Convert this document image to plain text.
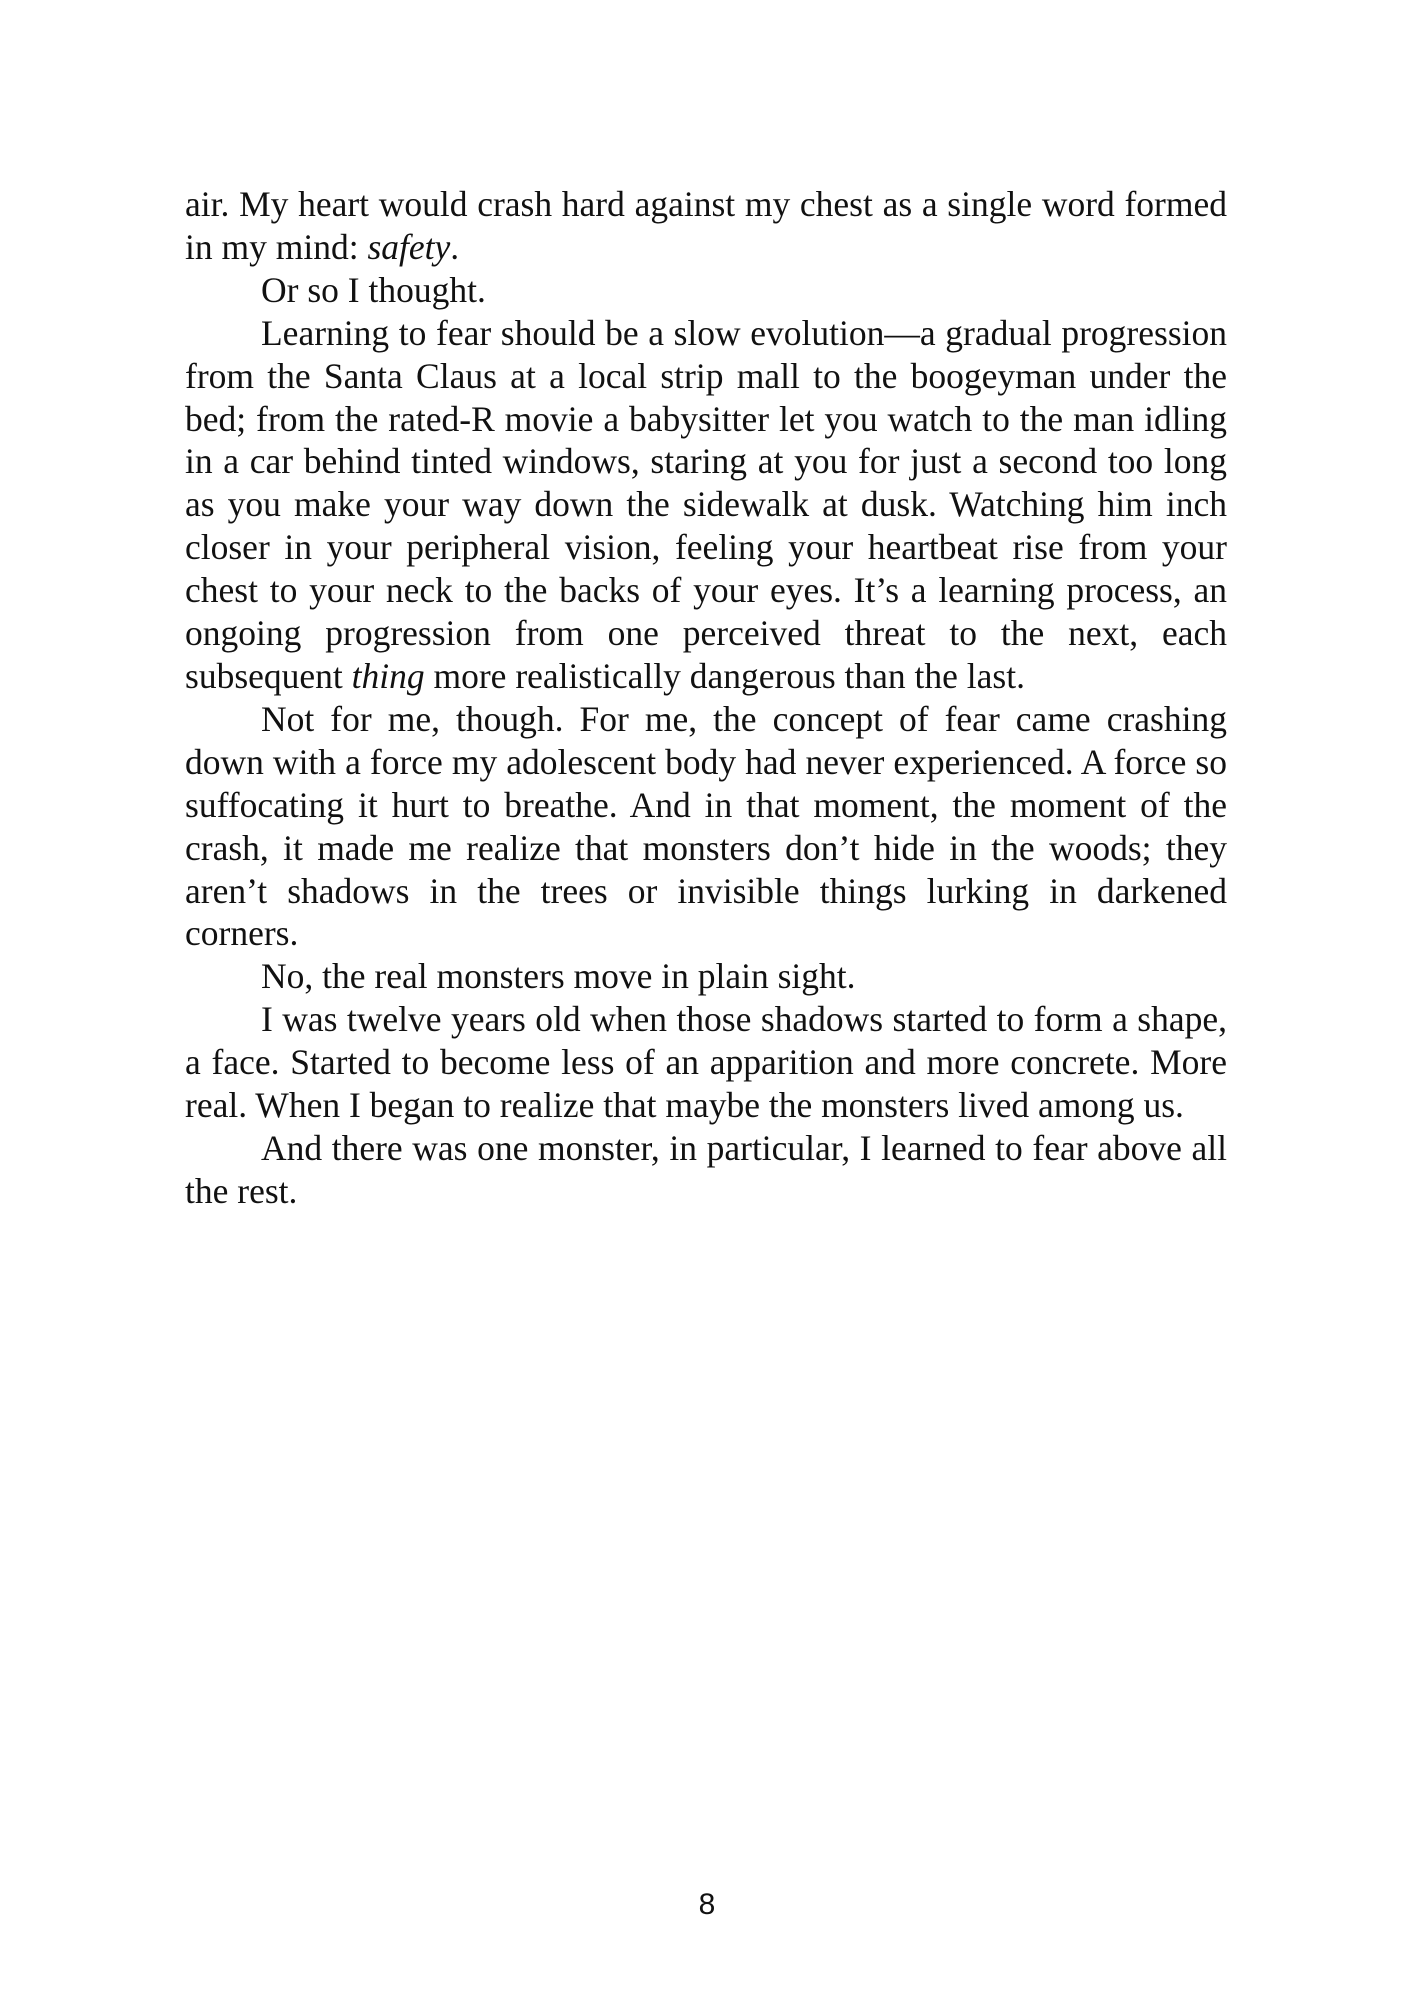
air. My heart would crash hard against my chest as a single word formed in my mind: safety.

Or so I thought.

Learning to fear should be a slow evolution—a gradual progression from the Santa Claus at a local strip mall to the boogeyman under the bed; from the rated-R movie a babysitter let you watch to the man idling in a car behind tinted windows, staring at you for just a second too long as you make your way down the sidewalk at dusk. Watching him inch closer in your peripheral vision, feeling your heartbeat rise from your chest to your neck to the backs of your eyes. It’s a learning process, an ongoing progression from one perceived threat to the next, each subsequent thing more realistically dangerous than the last.

Not for me, though. For me, the concept of fear came crashing down with a force my adolescent body had never experienced. A force so suffocating it hurt to breathe. And in that moment, the moment of the crash, it made me realize that monsters don’t hide in the woods; they aren’t shadows in the trees or invisible things lurking in darkened corners.

No, the real monsters move in plain sight.

I was twelve years old when those shadows started to form a shape, a face. Started to become less of an apparition and more concrete. More real. When I began to realize that maybe the monsters lived among us.

And there was one monster, in particular, I learned to fear above all the rest.

8
